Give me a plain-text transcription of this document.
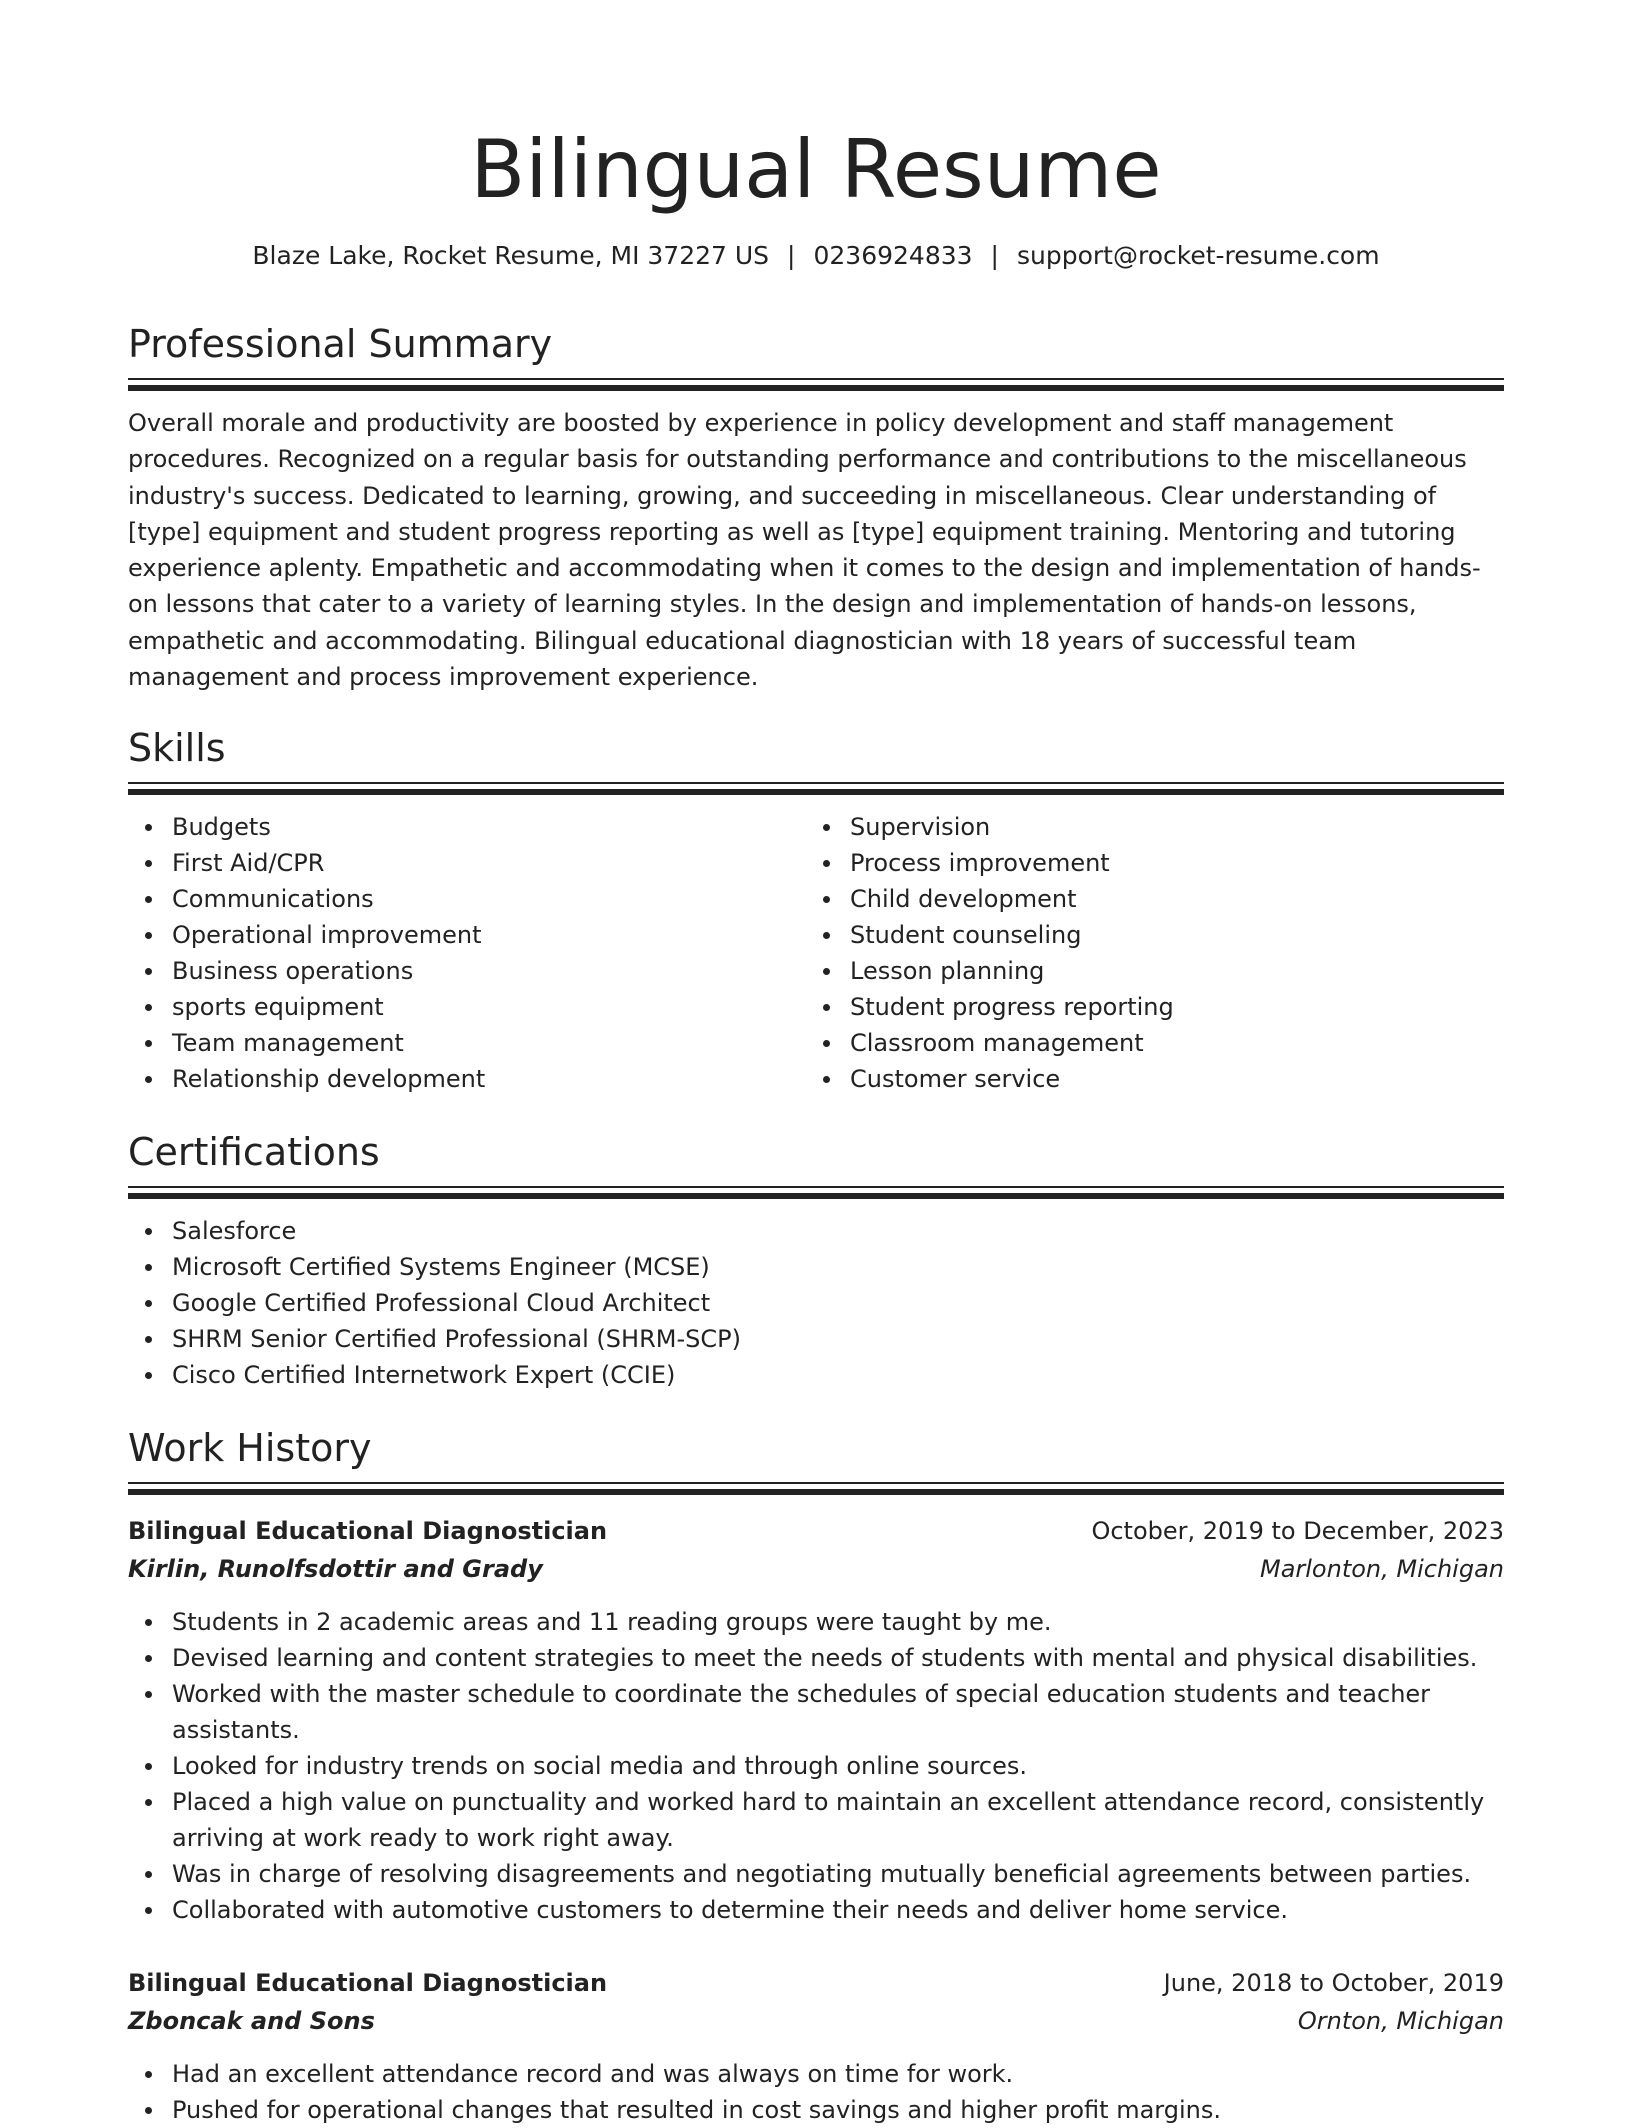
Bilingual Resume
Blaze Lake, Rocket Resume, MI 37227 US | 0236924833 | support@rocket-resume.com
Professional Summary
Overall morale and productivity are boosted by experience in policy development and staff management procedures. Recognized on a regular basis for outstanding performance and contributions to the miscellaneous industry's success. Dedicated to learning, growing, and succeeding in miscellaneous. Clear understanding of [type] equipment and student progress reporting as well as [type] equipment training. Mentoring and tutoring experience aplenty. Empathetic and accommodating when it comes to the design and implementation of hands-on lessons that cater to a variety of learning styles. In the design and implementation of hands-on lessons, empathetic and accommodating. Bilingual educational diagnostician with 18 years of successful team management and process improvement experience.
Skills
Budgets
First Aid/CPR
Communications
Operational improvement
Business operations
sports equipment
Team management
Relationship development
Supervision
Process improvement
Child development
Student counseling
Lesson planning
Student progress reporting
Classroom management
Customer service
Certifications
Salesforce
Microsoft Certified Systems Engineer (MCSE)
Google Certified Professional Cloud Architect
SHRM Senior Certified Professional (SHRM-SCP)
Cisco Certified Internetwork Expert (CCIE)
Work History
Bilingual Educational Diagnostician	October, 2019 to December, 2023
Kirlin, Runolfsdottir and Grady	Marlonton, Michigan
Students in 2 academic areas and 11 reading groups were taught by me.
Devised learning and content strategies to meet the needs of students with mental and physical disabilities.
Worked with the master schedule to coordinate the schedules of special education students and teacher assistants.
Looked for industry trends on social media and through online sources.
Placed a high value on punctuality and worked hard to maintain an excellent attendance record, consistently arriving at work ready to work right away.
Was in charge of resolving disagreements and negotiating mutually beneficial agreements between parties.
Collaborated with automotive customers to determine their needs and deliver home service.
Bilingual Educational Diagnostician	June, 2018 to October, 2019
Zboncak and Sons	Ornton, Michigan
Had an excellent attendance record and was always on time for work.
Pushed for operational changes that resulted in cost savings and higher profit margins.
